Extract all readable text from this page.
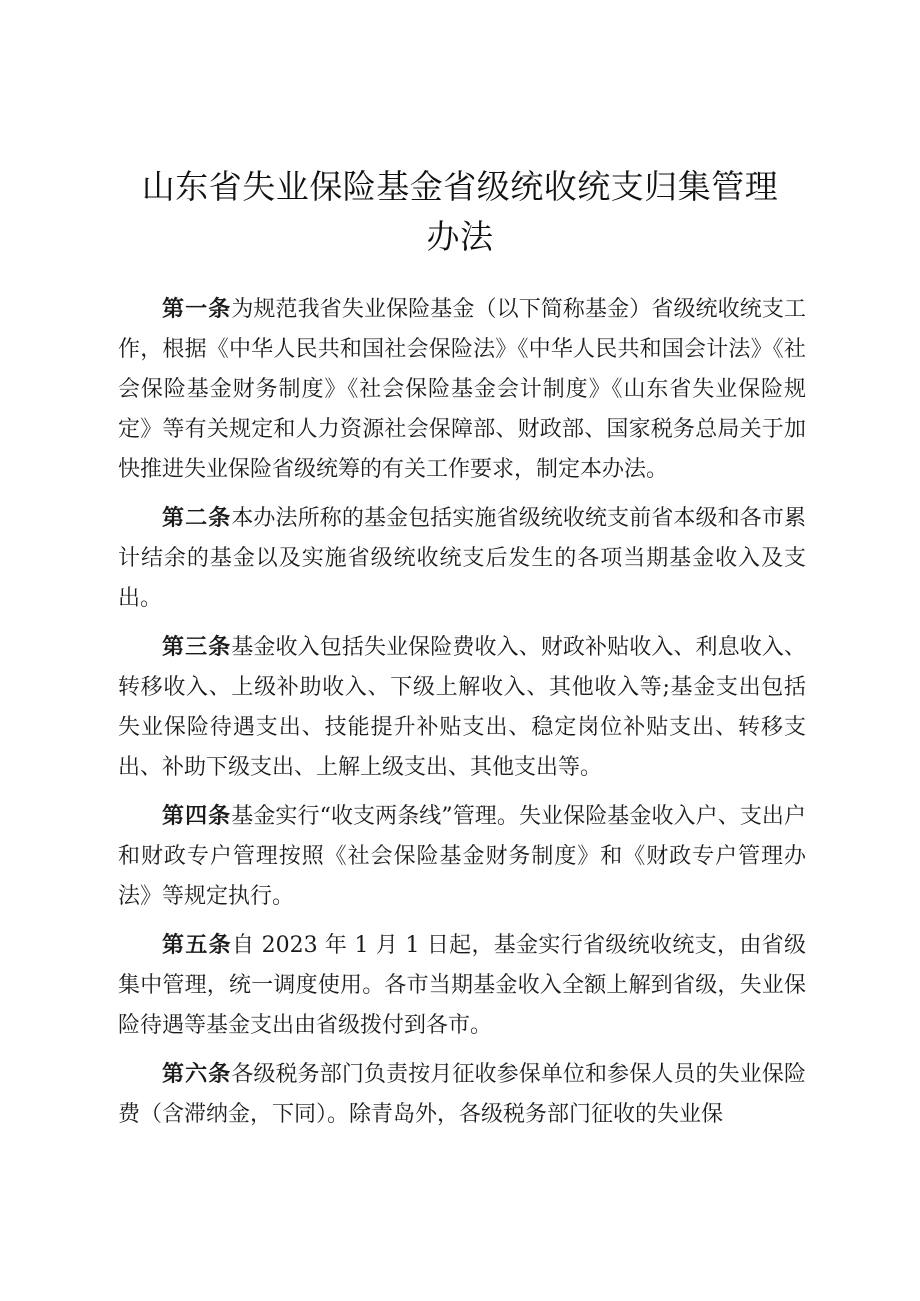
山东省失业保险基金省级统收统支归集管理办法

第一条为规范我省失业保险基金（以下简称基金）省级统收统支工作，根据《中华人民共和国社会保险法》《中华人民共和国会计法》《社会保险基金财务制度》《社会保险基金会计制度》《山东省失业保险规定》等有关规定和人力资源社会保障部、财政部、国家税务总局关于加快推进失业保险省级统筹的有关工作要求，制定本办法。

第二条本办法所称的基金包括实施省级统收统支前省本级和各市累计结余的基金以及实施省级统收统支后发生的各项当期基金收入及支出。

第三条基金收入包括失业保险费收入、财政补贴收入、利息收入、转移收入、上级补助收入、下级上解收入、其他收入等;基金支出包括失业保险待遇支出、技能提升补贴支出、稳定岗位补贴支出、转移支出、补助下级支出、上解上级支出、其他支出等。

第四条基金实行“收支两条线”管理。失业保险基金收入户、支出户和财政专户管理按照《社会保险基金财务制度》和《财政专户管理办法》等规定执行。

第五条自 2023 年 1 月 1 日起，基金实行省级统收统支，由省级集中管理，统一调度使用。各市当期基金收入全额上解到省级，失业保险待遇等基金支出由省级拨付到各市。

第六条各级税务部门负责按月征收参保单位和参保人员的失业保险费（含滞纳金，下同）。除青岛外，各级税务部门征收的失业保
